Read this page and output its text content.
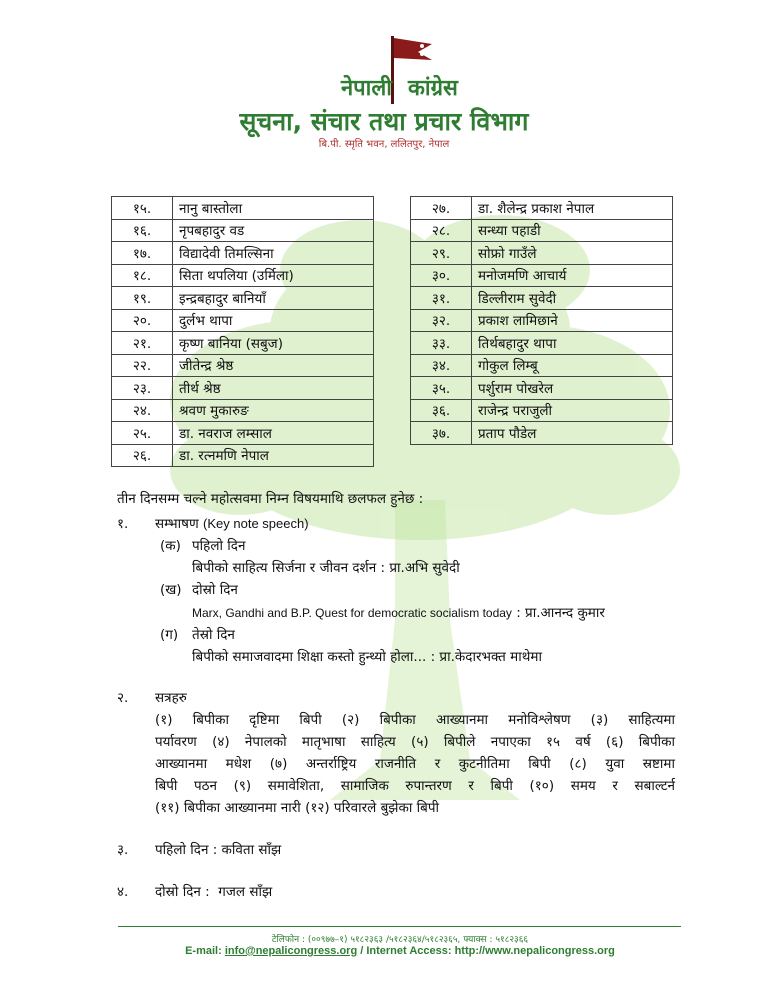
नेपाली कांग्रेस
सूचना, संचार तथा प्रचार विभाग
बि.पी. स्मृति भवन, ललितपुर, नेपाल
१५.	नानु बास्तोला
१६.	नृपबहादुर वड
१७.	विद्यादेवी तिमल्सिना
१८.	सिता थपलिया (उर्मिला)
१९.	इन्द्रबहादुर बानियाँ
२०.	दुर्लभ थापा
२१.	कृष्ण बानिया (सबुज)
२२.	जीतेन्द्र श्रेष्ठ
२३.	तीर्थ श्रेष्ठ
२४.	श्रवण मुकारुङ
२५.	डा. नवराज लम्साल
२६.	डा. रत्नमणि नेपाल
२७.	डा. शैलेन्द्र प्रकाश नेपाल
२८.	सन्ध्या पहाडी
२९.	सोफ्रो गाउँले
३०.	मनोजमणि आचार्य
३१.	डिल्लीराम सुवेदी
३२.	प्रकाश लामिछाने
३३.	तिर्थबहादुर थापा
३४.	गोकुल लिम्बू
३५.	पर्शुराम पोखरेल
३६.	राजेन्द्र पराजुली
३७.	प्रताप पौडेल
तीन दिनसम्म चल्ने महोत्सवमा निम्न विषयमाथि छलफल हुनेछ :
१. सम्भाषण (Key note speech)
(क) पहिलो दिन
बिपीको साहित्य सिर्जना र जीवन दर्शन : प्रा.अभि सुवेदी
(ख) दोस्रो दिन
Marx, Gandhi and B.P. Quest for democratic socialism today : प्रा.आनन्द कुमार
(ग) तेस्रो दिन
बिपीको समाजवादमा शिक्षा कस्तो हुन्थ्यो होला... : प्रा.केदारभक्त माथेमा
२. सत्रहरु
(१) बिपीका दृष्टिमा बिपी (२) बिपीका आख्यानमा मनोविश्लेषण (३) साहित्यमा
पर्यावरण (४) नेपालको मातृभाषा साहित्य (५) बिपीले नपाएका १५ वर्ष (६) बिपीका
आख्यानमा मधेश (७) अन्तर्राष्ट्रिय राजनीति र कुटनीतिमा बिपी (८) युवा स्रष्टामा
बिपी पठन (९) समावेशिता, सामाजिक रुपान्तरण र बिपी (१०) समय र सबाल्टर्न
(११) बिपीका आख्यानमा नारी (१२) परिवारले बुझेका बिपी
३. पहिलो दिन : कविता साँझ
४. दोस्रो दिन :  गजल साँझ
टेलिफोन : (००९७७–१) ५१८२३६३ /५१८२३६४/५१८२३६५, फ्याक्स : ५१८२३६६
E-mail: info@nepalicongress.org / Internet Access: http://www.nepalicongress.org
